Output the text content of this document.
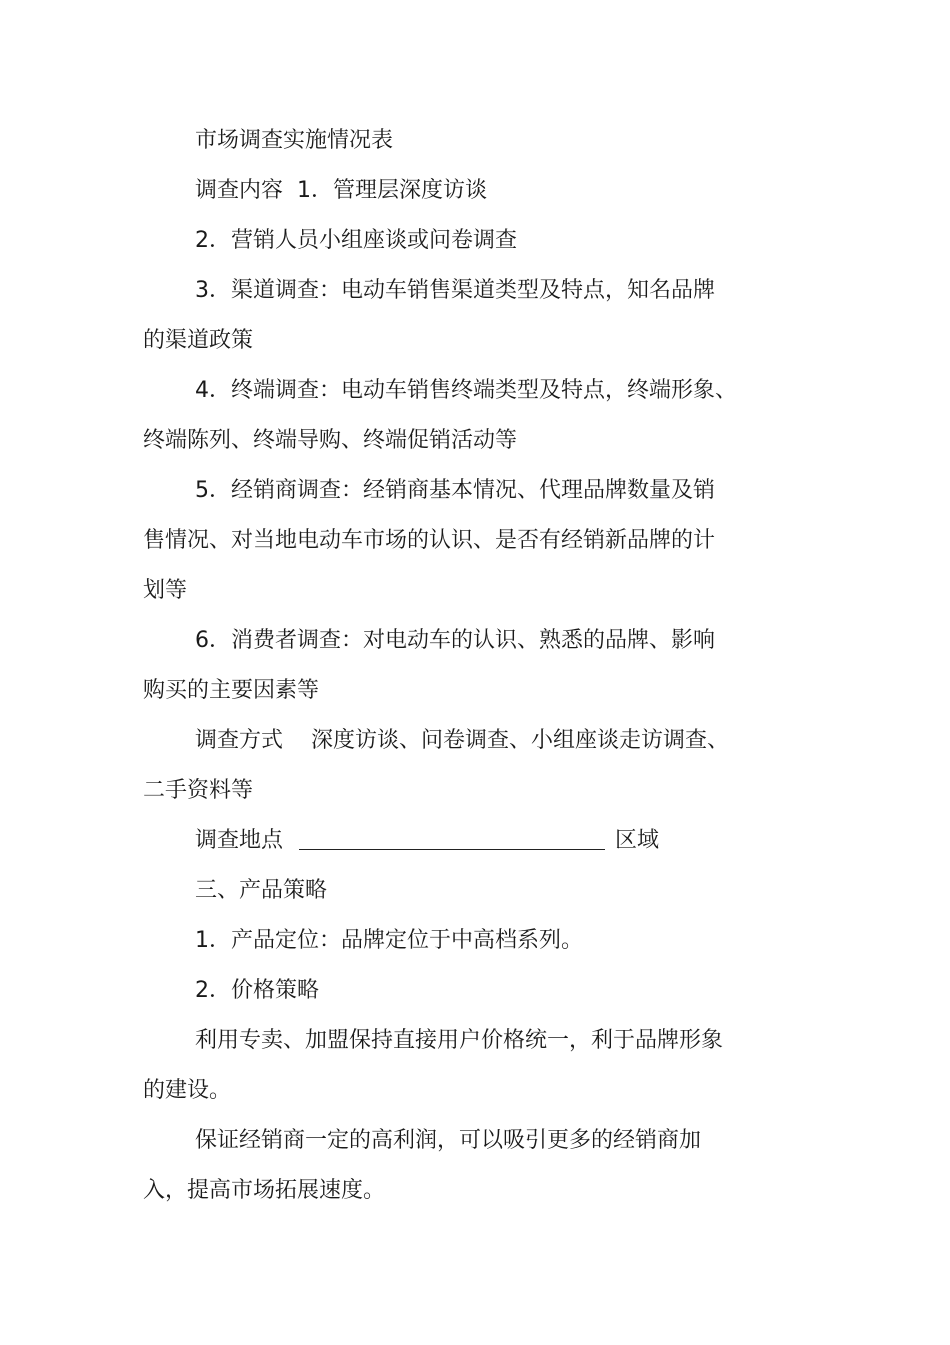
市场调查实施情况表
调查内容 1．管理层深度访谈
2．营销人员小组座谈或问卷调查
3．渠道调查：电动车销售渠道类型及特点，知名品牌
的渠道政策
4．终端调查：电动车销售终端类型及特点，终端形象、
终端陈列、终端导购、终端促销活动等
5．经销商调查：经销商基本情况、代理品牌数量及销
售情况、对当地电动车市场的认识、是否有经销新品牌的计
划等
6．消费者调查：对电动车的认识、熟悉的品牌、影响
购买的主要因素等
调查方式 深度访谈、问卷调查、小组座谈走访调查、
二手资料等
调查地点	区域
三、产品策略
1．产品定位：品牌定位于中高档系列。
2．价格策略
利用专卖、加盟保持直接用户价格统一，利于品牌形象
的建设。
保证经销商一定的高利润，可以吸引更多的经销商加
入，提高市场拓展速度。
